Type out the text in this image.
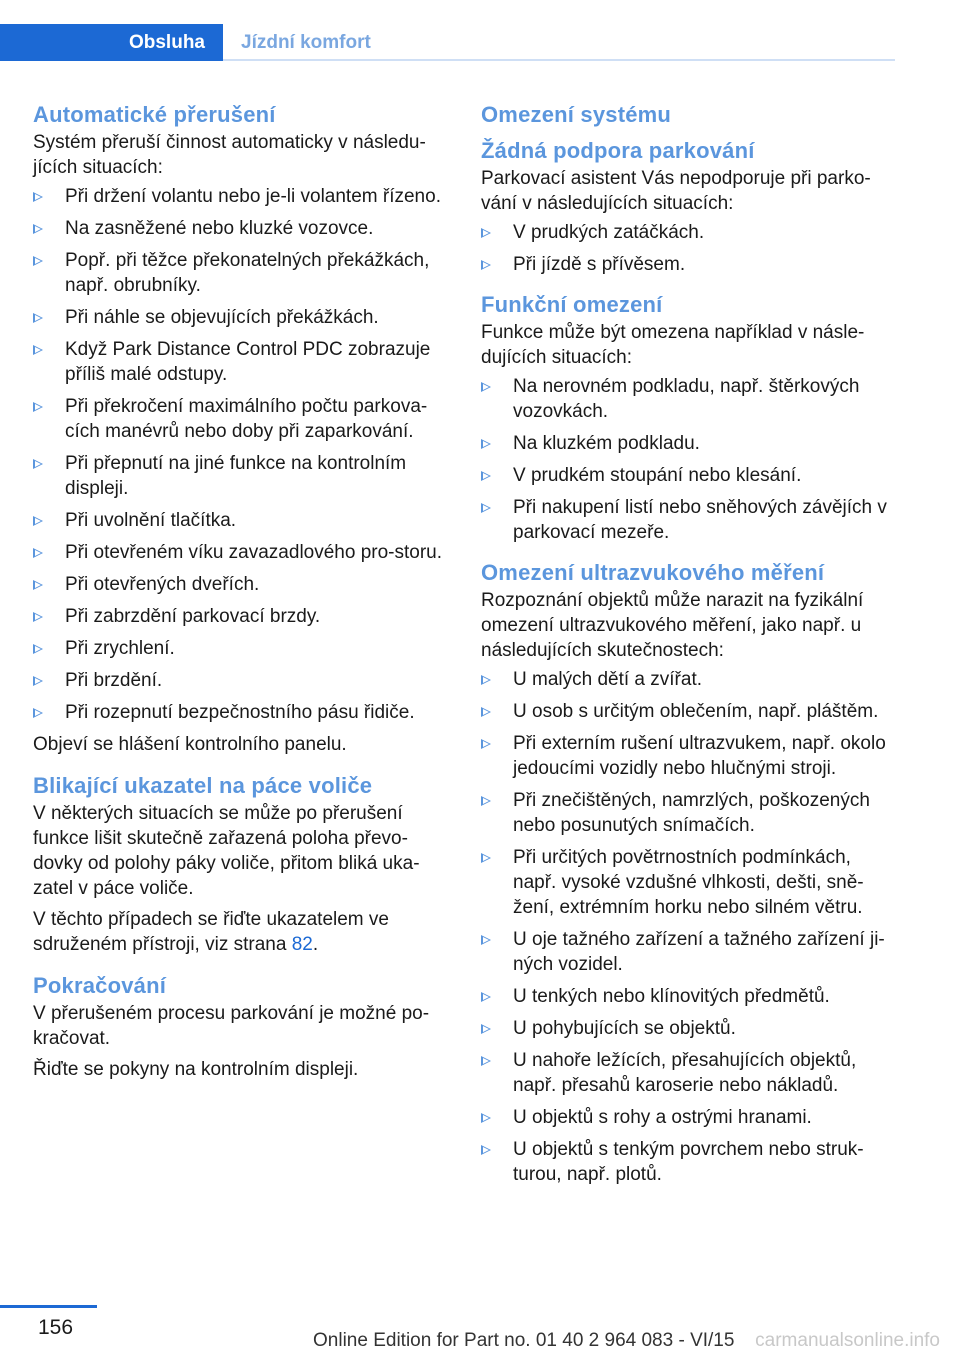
Obsluha	Jízdní komfort
Automatické přerušení

Systém přeruší činnost automaticky v následu-jících situacích:

Při držení volantu nebo je-li volantem řízeno.
Na zasněžené nebo kluzké vozovce.
Popř. při těžce překonatelných překážkách, např. obrubníky.
Při náhle se objevujících překážkách.
Když Park Distance Control PDC zobrazuje příliš malé odstupy.
Při překročení maximálního počtu parkova-cích manévrů nebo doby při zaparkování.
Při přepnutí na jiné funkce na kontrolním displeji.
Při uvolnění tlačítka.
Při otevřeném víku zavazadlového pro-storu.
Při otevřených dveřích.
Při zabrzdění parkovací brzdy.
Při zrychlení.
Při brzdění.
Při rozepnutí bezpečnostního pásu řidiče.

Objeví se hlášení kontrolního panelu.

Blikající ukazatel na páce voliče

V některých situacích se může po přerušení funkce lišit skutečně zařazená poloha převo-dovky od polohy páky voliče, přitom bliká uka-zatel v páce voliče.

V těchto případech se řiďte ukazatelem ve sdruženém přístroji, viz strana 82.

Pokračování

V přerušeném procesu parkování je možné po-kračovat.

Řiďte se pokyny na kontrolním displeji.

Omezení systému
Žádná podpora parkování

Parkovací asistent Vás nepodporuje při parko-vání v následujících situacích:

V prudkých zatáčkách.
Při jízdě s přívěsem.
Funkční omezení

Funkce může být omezena například v násle-dujících situacích:

Na nerovném podkladu, např. štěrkových vozovkách.
Na kluzkém podkladu.
V prudkém stoupání nebo klesání.
Při nakupení listí nebo sněhových závějích v parkovací mezeře.
Omezení ultrazvukového měření

Rozpoznání objektů může narazit na fyzikální omezení ultrazvukového měření, jako např. u následujících skutečnostech:

U malých dětí a zvířat.
U osob s určitým oblečením, např. pláštěm.
Při externím rušení ultrazvukem, např. okolo jedoucími vozidly nebo hlučnými stroji.
Při znečištěných, namrzlých, poškozených nebo posunutých snímačích.
Při určitých povětrnostních podmínkách, např. vysoké vzdušné vlhkosti, dešti, sně-žení, extrémním horku nebo silném větru.
U oje tažného zařízení a tažného zařízení ji-ných vozidel.
U tenkých nebo klínovitých předmětů.
U pohybujících se objektů.
U nahoře ležících, přesahujících objektů, např. přesahů karoserie nebo nákladů.
U objektů s rohy a ostrými hranami.
U objektů s tenkým povrchem nebo struk-turou, např. plotů.
156
Online Edition for Part no. 01 40 2 964 083 - VI/15 carmanualsonline.info
